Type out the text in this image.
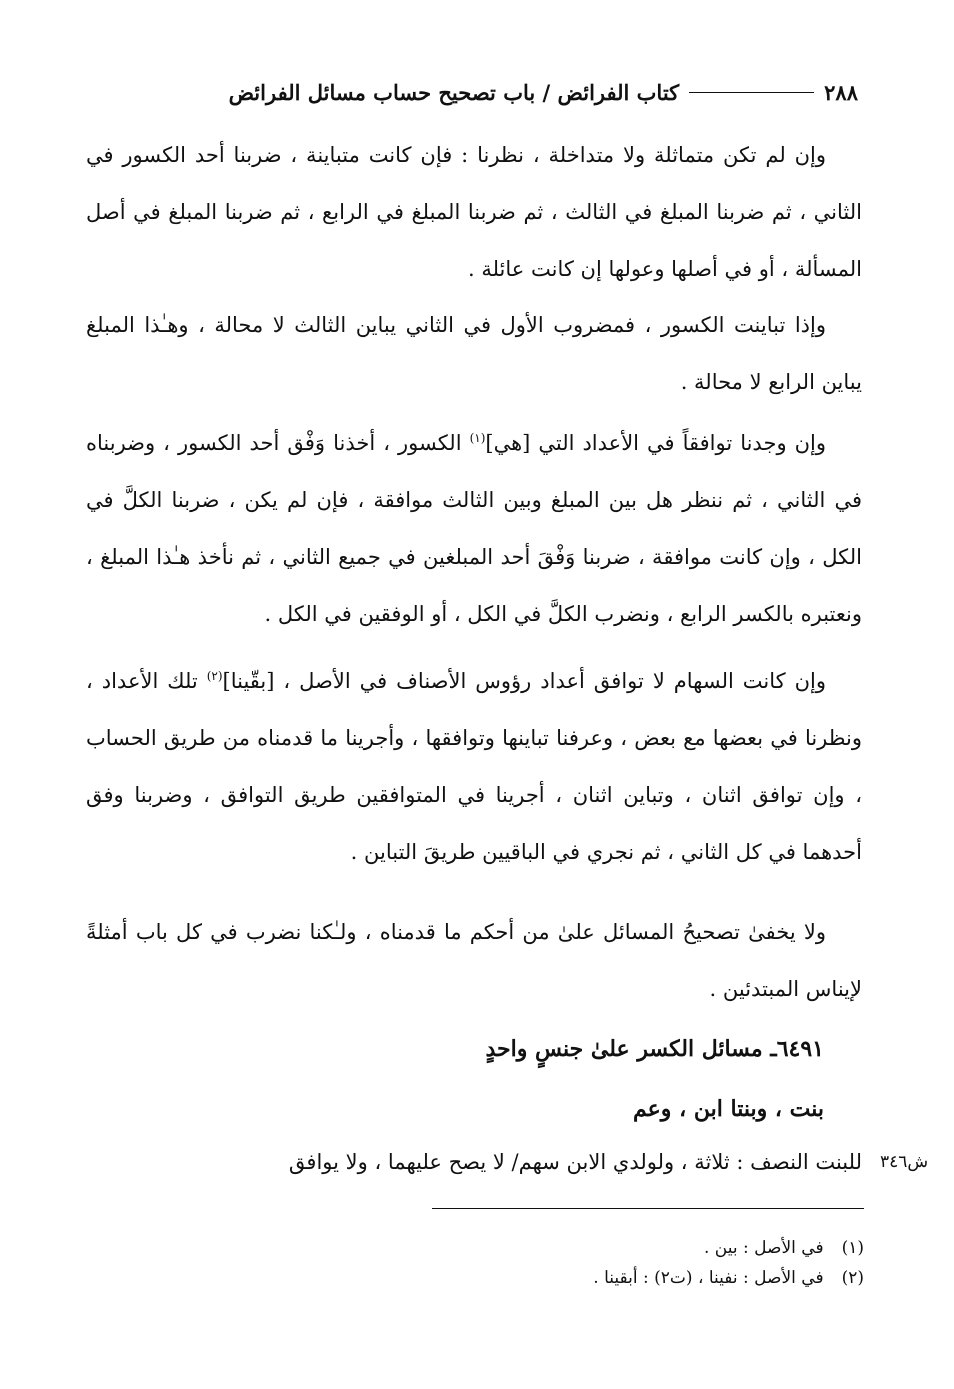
٢٨٨
كتاب الفرائض / باب تصحيح حساب مسائل الفرائض

وإن لم تكن متماثلة ولا متداخلة ، نظرنا : فإن كانت متباينة ، ضربنا أحد الكسور في الثاني ، ثم ضربنا المبلغ في الثالث ، ثم ضربنا المبلغ في الرابع ، ثم ضربنا المبلغ في أصل المسألة ، أو في أصلها وعولها إن كانت عائلة .

وإذا تباينت الكسور ، فمضروب الأول في الثاني يباين الثالث لا محالة ، وهـٰذا المبلغ يباين الرابع لا محالة .

وإن وجدنا توافقاً في الأعداد التي [هي]$^{(١)}$ الكسور ، أخذنا وَفْق أحد الكسور ، وضربناه في الثاني ، ثم ننظر هل بين المبلغ وبين الثالث موافقة ، فإن لم يكن ، ضربنا الكلَّ في الكل ، وإن كانت موافقة ، ضربنا وَفْقَ أحد المبلغين في جميع الثاني ، ثم نأخذ هـٰذا المبلغ ، ونعتبره بالكسر الرابع ، ونضرب الكلَّ في الكل ، أو الوفقين في الكل .

وإن كانت السهام لا توافق أعداد رؤوس الأصناف في الأصل ، [بقّينا]$^{(٢)}$ تلك الأعداد ، ونظرنا في بعضها مع بعض ، وعرفنا تباينها وتوافقها ، وأجرينا ما قدمناه من طريق الحساب ، وإن توافق اثنان ، وتباين اثنان ، أجرينا في المتوافقين طريق التوافق ، وضربنا وفق أحدهما في كل الثاني ، ثم نجري في الباقيين طريقَ التباين .

ولا يخفىٰ تصحيحُ المسائل علىٰ من أحكم ما قدمناه ، ولـٰكنا نضرب في كل باب أمثلةً لإيناس المبتدئين .

٦٤٩١ـ مسائل الكسر علىٰ جنسٍ واحدٍ
بنت ، وبنتا ابن ، وعم
للبنت النصف : ثلاثة ، ولولدي الابن سهم/ لا يصح عليهما ، ولا يوافق ش٣٤٦
(١)في الأصل : بين .
(٢)في الأصل : نفينا ، (ت٢) : أبقينا .
